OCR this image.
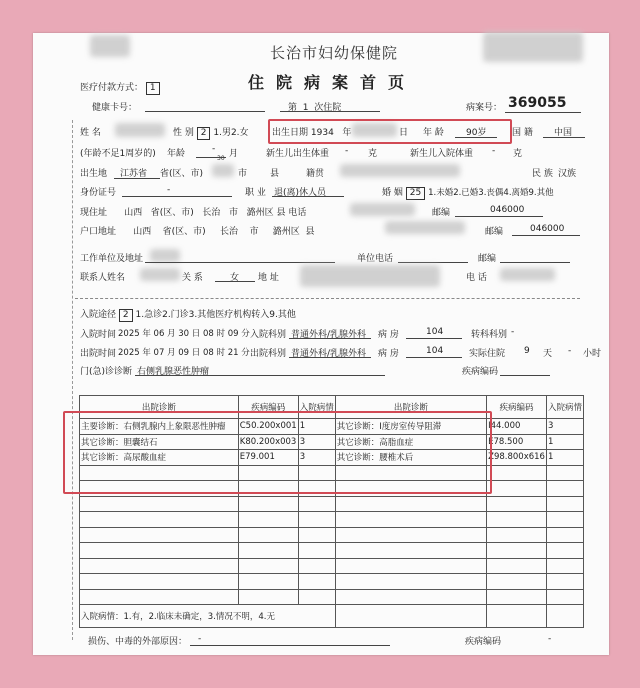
长治市妇幼保健院
住院病案首页
医疗付款方式： 1
健康卡号：	第 1 次住院	病案号： 369055
姓 名	性 别 2 1.男2.女	出生日期 1934 年	日 年 龄 90岁	国 籍 中国
(年龄不足1周岁的) 年龄	-
30 月	新生儿出生体重 - 克	新生儿入院体重 - 克
出生地 江苏省 省(区、市)	市	县	籍贯	民 族 汉族
身份证号	-	职 业 退(离)休人员	婚 姻 25 1.未婚2.已婚3.丧偶4.离婚9.其他
现住址 山西 省(区、市) 长治 市 潞州区 县 电话	邮编	046000
户口地址 山西 省(区、市) 长治 市 潞州区 县	邮编	046000
工作单位及地址	单位电话	邮编
联系人姓名	关 系	女 地 址	电 话
入院途径 2 1.急诊2.门诊3.其他医疗机构转入9.其他
入院时间 2025 年 06 月 30 日 08 时 09 分 入院科别 普通外科/乳腺外科 病 房	104	转科科别 -
出院时间 2025 年 07 月 09 日 08 时 21 分 出院科别 普通外科/乳腺外科 病 房	104	实际住院 9 天 - 小时
门(急)诊诊断 右侧乳腺恶性肿瘤	疾病编码
出院诊断	疾病编码	入院病情	出院诊断	疾病编码	入院病情
主要诊断：右侧乳腺内上象限恶性肿瘤	C50.200x001	1	其它诊断：I度房室传导阻滞	I44.000	3
其它诊断：胆囊结石	K80.200x003	3	其它诊断：高脂血症	E78.500	1
其它诊断：高尿酸血症	E79.001	3	其它诊断：腰椎术后	Z98.800x616	1

入院病情：1.有，2.临床未确定，3.情况不明，4.无					
损伤、中毒的外部原因： -	疾病编码	-
